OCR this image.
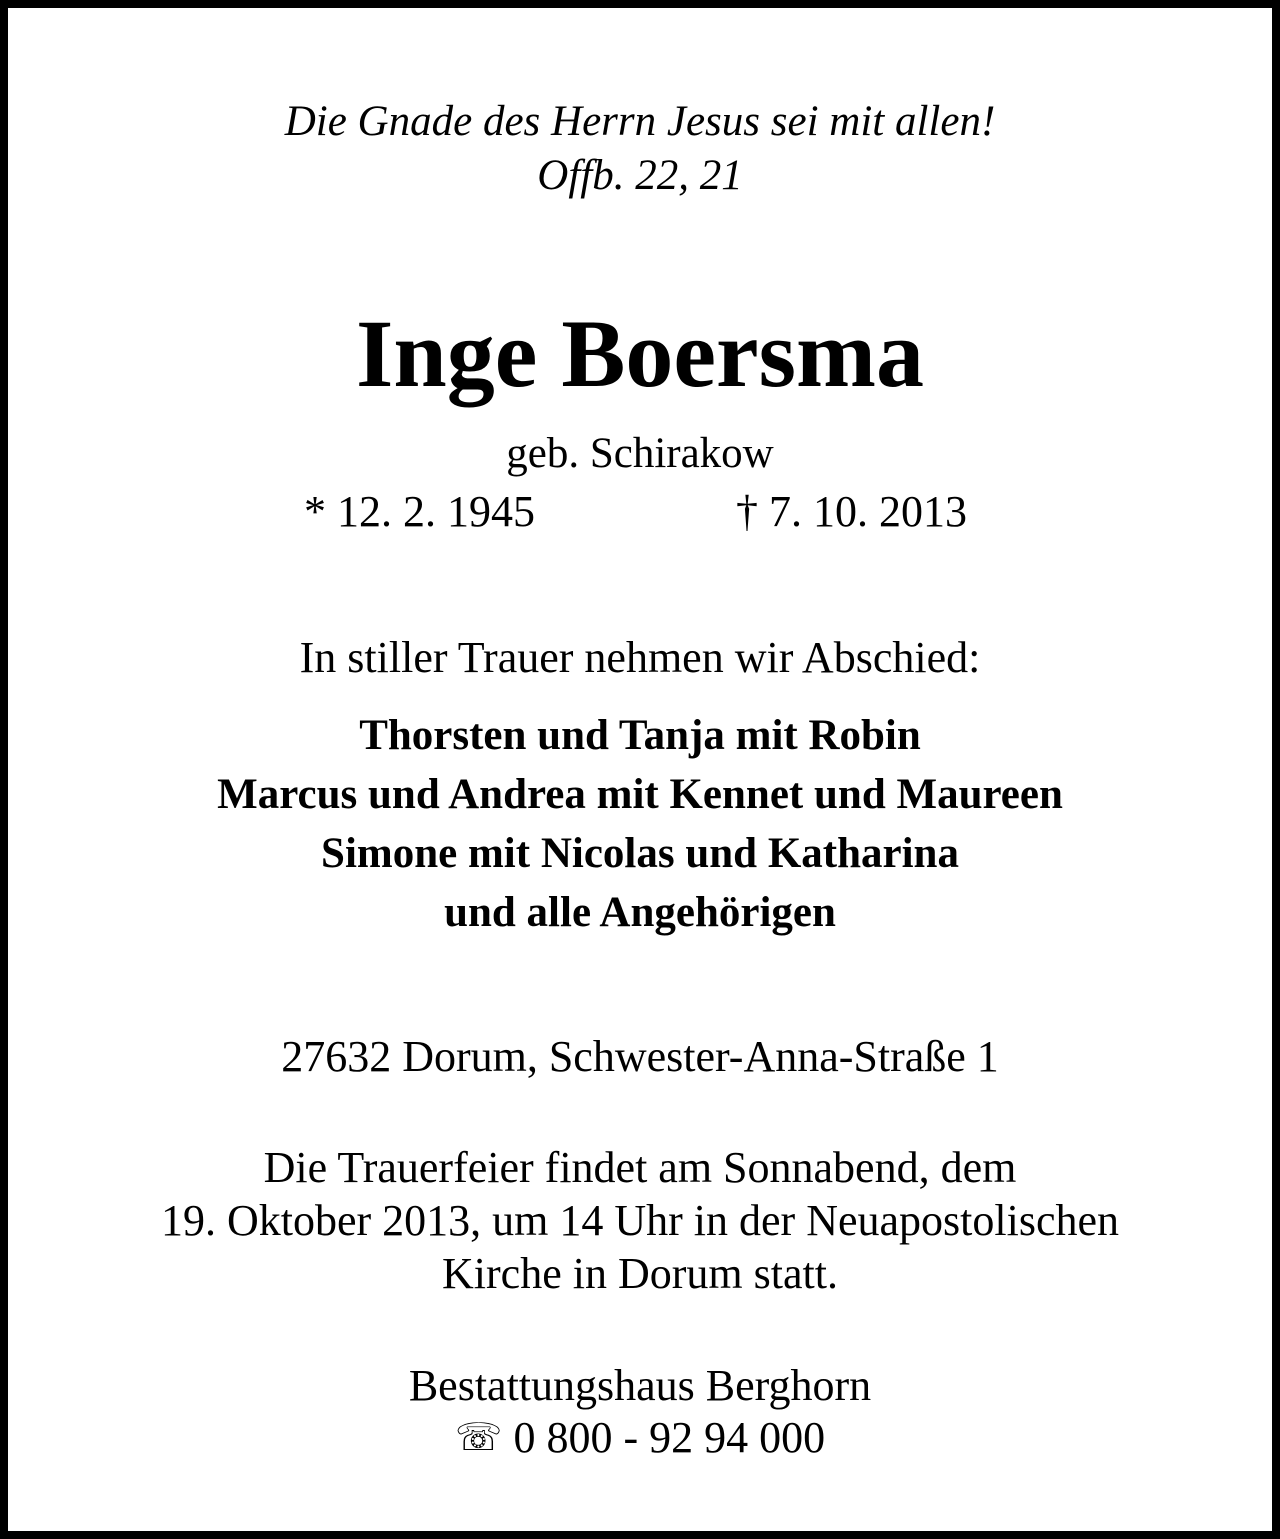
Die Gnade des Herrn Jesus sei mit allen!
Offb. 22, 21
Inge Boersma
geb. Schirakow
* 12. 2. 1945	† 7. 10. 2013
In stiller Trauer nehmen wir Abschied:
Thorsten und Tanja mit Robin
Marcus und Andrea mit Kennet und Maureen
Simone mit Nicolas und Katharina
und alle Angehörigen
27632 Dorum, Schwester-Anna-Straße 1
Die Trauerfeier findet am Sonnabend, dem
19. Oktober 2013, um 14 Uhr in der Neuapostolischen
Kirche in Dorum statt.
Bestattungshaus Berghorn
☏ 0 800 - 92 94 000
